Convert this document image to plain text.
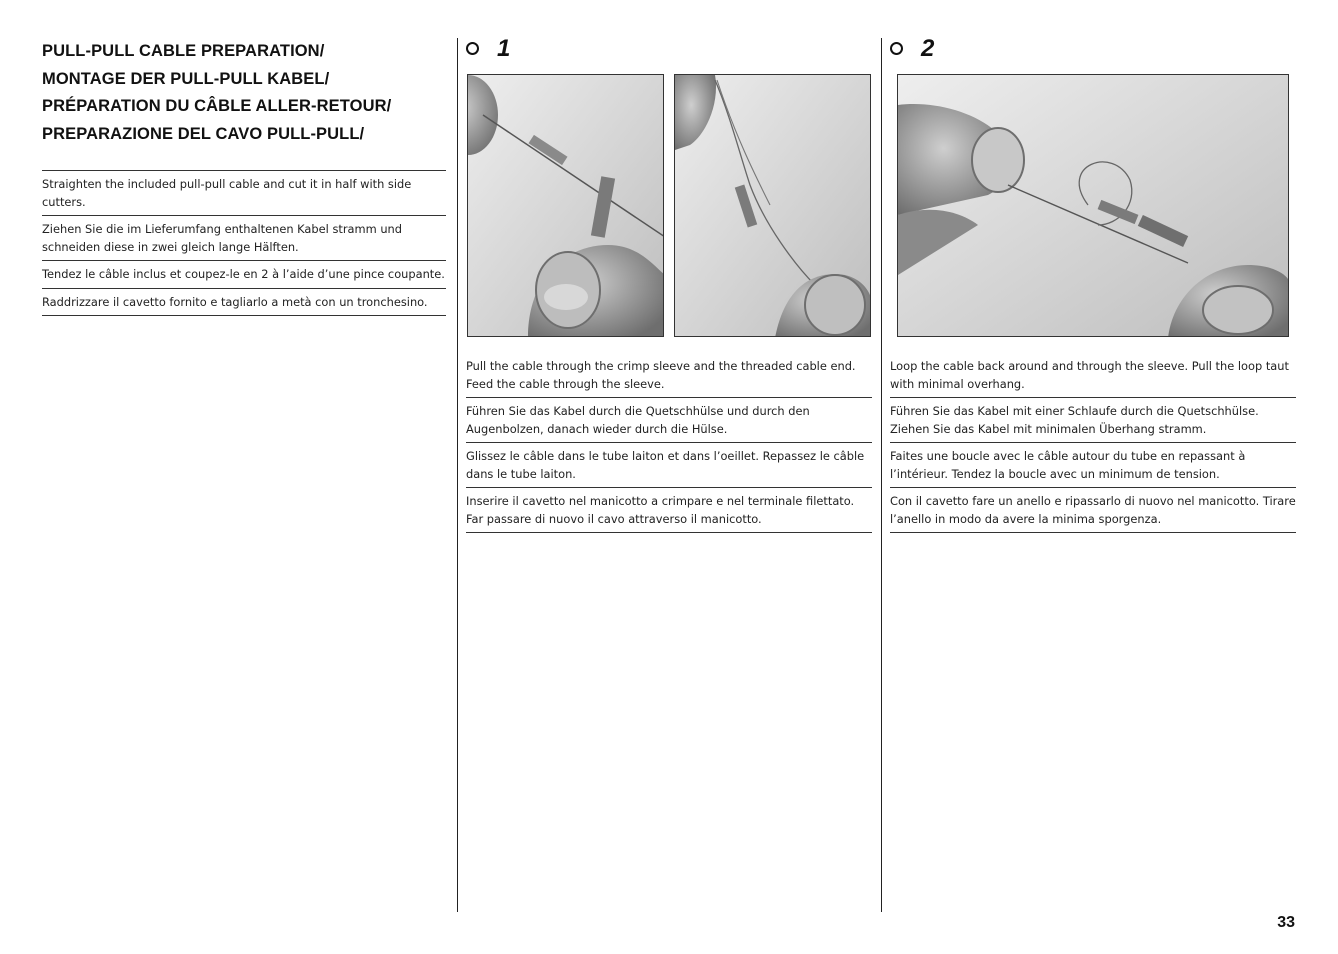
PULL-PULL CABLE PREPARATION/
MONTAGE DER PULL-PULL KABEL/
PRÉPARATION DU CÂBLE ALLER-RETOUR/
PREPARAZIONE DEL CAVO PULL-PULL/
Straighten the included pull-pull cable and cut it in half with side cutters.
Ziehen Sie die im Lieferumfang enthaltenen Kabel stramm und schneiden diese in zwei gleich lange Hälften.
Tendez le câble inclus et coupez-le en 2 à l’aide d’une pince coupante.
Raddrizzare il cavetto fornito e tagliarlo a metà con un tronchesino.
1
Pull the cable through the crimp sleeve and the threaded cable end. Feed the cable through the sleeve.
Führen Sie das Kabel durch die Quetschhülse und durch den Augenbolzen, danach wieder durch die Hülse.
Glissez le câble dans le tube laiton et dans l’oeillet. Repassez le câble dans le tube laiton.
Inserire il cavetto nel manicotto a crimpare e nel terminale filettato. Far passare di nuovo il cavo attraverso il manicotto.
2
Loop the cable back around and through the sleeve. Pull the loop taut with minimal overhang.
Führen Sie das Kabel mit einer Schlaufe durch die Quetschhülse. Ziehen Sie das Kabel mit minimalen Überhang stramm.
Faites une boucle avec le câble autour du tube en repassant à l’intérieur. Tendez la boucle avec un minimum de tension.
Con il cavetto fare un anello e ripassarlo di nuovo nel manicotto. Tirare l’anello in modo da avere la minima sporgenza.
33
